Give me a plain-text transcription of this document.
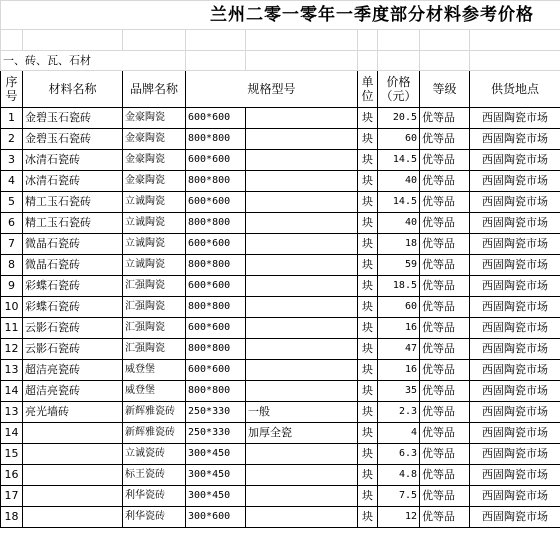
兰州二零一零年一季度部分材料参考价格								

一、砖、瓦、石材								
序号	材料名称	品牌名称	规格型号		单位	价格（元）	等级	供货地点
1	金碧玉石瓷砖	金豪陶瓷	600*600		块	20.5	优等品	西固陶瓷市场
2	金碧玉石瓷砖	金豪陶瓷	800*800		块	60	优等品	西固陶瓷市场
3	冰清石瓷砖	金豪陶瓷	600*600		块	14.5	优等品	西固陶瓷市场
4	冰清石瓷砖	金豪陶瓷	800*800		块	40	优等品	西固陶瓷市场
5	精工玉石瓷砖	立诚陶瓷	600*600		块	14.5	优等品	西固陶瓷市场
6	精工玉石瓷砖	立诚陶瓷	800*800		块	40	优等品	西固陶瓷市场
7	微晶石瓷砖	立诚陶瓷	600*600		块	18	优等品	西固陶瓷市场
8	微晶石瓷砖	立诚陶瓷	800*800		块	59	优等品	西固陶瓷市场
9	彩蝶石瓷砖	汇强陶瓷	600*600		块	18.5	优等品	西固陶瓷市场
10	彩蝶石瓷砖	汇强陶瓷	800*800		块	60	优等品	西固陶瓷市场
11	云影石瓷砖	汇强陶瓷	600*600		块	16	优等品	西固陶瓷市场
12	云影石瓷砖	汇强陶瓷	800*800		块	47	优等品	西固陶瓷市场
13	超洁亮瓷砖	威登堡	600*600		块	16	优等品	西固陶瓷市场
14	超洁亮瓷砖	威登堡	800*800		块	35	优等品	西固陶瓷市场
13	亮光墙砖	新辉雅瓷砖	250*330	一般	块	2.3	优等品	西固陶瓷市场
14		新辉雅瓷砖	250*330	加厚全瓷	块	4	优等品	西固陶瓷市场
15		立诚瓷砖	300*450		块	6.3	优等品	西固陶瓷市场
16		标王瓷砖	300*450		块	4.8	优等品	西固陶瓷市场
17		利华瓷砖	300*450		块	7.5	优等品	西固陶瓷市场
18		利华瓷砖	300*600		块	12	优等品	西固陶瓷市场
